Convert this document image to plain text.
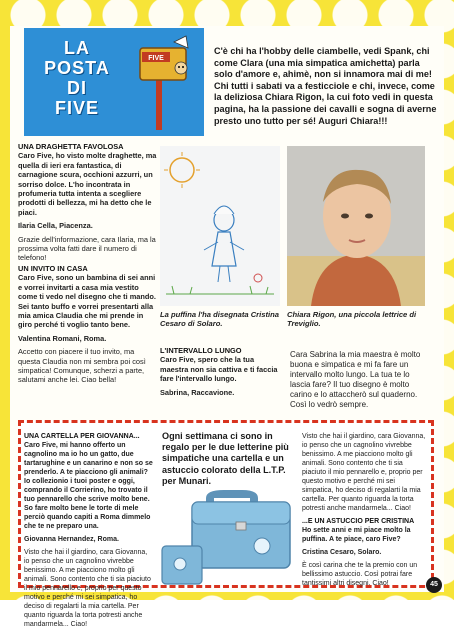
LA
POSTA
DI
FIVE
FIVE
C'è chi ha l'hobby delle ciambelle, vedi Spank, chi come Clara (una mia simpatica amichetta) parla solo d'amore e, ahimè, non si innamora mai di me! Chi tutti i sabati va a festicciole e chi, invece, come la deliziosa Chiara Rigon, la cui foto vedi in questa pagina, ha la passione dei cavalli e sogna di averne presto uno tutto per sé! Auguri Chiara!!!
UNA DRAGHETTA FAVOLOSA

Caro Five, ho visto molte draghette, ma quella di ieri era fantastica, di carnagione scura, occhioni azzurri, un sorriso dolce. L'ho incontrata in profumeria tutta intenta a scegliere prodotti di bellezza, mi ha detto che le piaci.

Ilaria Cella, Piacenza.

Grazie dell'informazione, cara Ilaria, ma la prossima volta fatti dare il numero di telefono!

UN INVITO IN CASA

Caro Five, sono un bambina di sei anni e vorrei invitarti a casa mia vestito come ti vedo nel disegno che ti mando. Sei tanto buffo e vorrei presentarti alla mia amica Claudia che mi prende in giro perché ti voglio tanto bene.

Valentina Romani, Roma.

Accetto con piacere il tuo invito, ma questa Claudia non mi sembra poi così simpatica! Comunque, scherzi a parte, salutami anche lei. Ciao bella!

La puffina l'ha disegnata Cristina Cesaro di Solaro.
Chiara Rigon, una piccola lettrice di Treviglio.
L'INTERVALLO LUNGO

Caro Five, spero che la tua maestra non sia cattiva e ti faccia fare l'intervallo lungo.

Sabrina, Raccavione.

Cara Sabrina la mia maestra è molto buona e simpatica e mi fa fare un intervallo molto lungo. La tua te lo lascia fare? Il tuo disegno è molto carino e lo attaccherò sul quaderno. Così lo vedrò sempre.
UNA CARTELLA PER GIOVANNA...

Caro Five, mi hanno offerto un cagnolino ma io ho un gatto, due tartarughine e un canarino e non so se prenderlo. A te piacciono gli animali? Io collezionio i tuoi poster e oggi, comprando il Corrierino, ho trovato il tuo pennarello che scrive molto bene. So fare molto bene le torte di mele perciò quando capiti a Roma dimmelo che te ne preparo una.

Giovanna Hernandez, Roma.

Visto che hai il giardino, cara Giovanna, io penso che un cagnolino vivrebbe benissimo. A me piacciono molto gli animali. Sono contento che ti sia piaciuto il mio pennarello e, proprio per questo motivo e perché mi sei simpatica, ho deciso di regalarti la mia cartella. Per quanto riguarda la torta potresti anche mandarmela... Ciao!

Ogni settimana ci sono in regalo per le due letterine più simpatiche una cartella e un astuccio colorato della L.T.P. per Munari.

Visto che hai il giardino, cara Giovanna, io penso che un cagnolino vivrebbe benissimo. A me piacciono molto gli animali. Sono contento che ti sia piaciuto il mio pennarello e, proprio per questo motivo e perché mi sei simpatica, ho deciso di regalarti la mia cartella. Per quanto riguarda la torta potresti anche mandarmela... Ciao!

...E UN ASTUCCIO PER CRISTINA

Ho sette anni e mi piace molto la puffina. A te piace, caro Five?

Cristina Cesaro, Solaro.

È così carina che te la premio con un bellissimo astuccio. Così potrai fare tantissimi altri disegni. Ciao!	45
